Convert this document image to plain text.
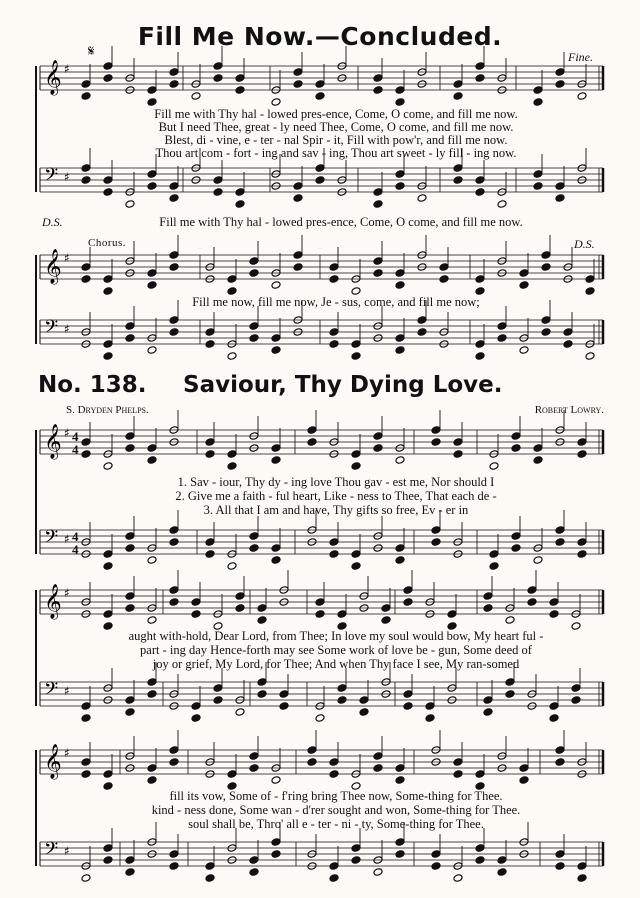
Fill Me Now.—Concluded.
𝄋	Fine.
𝄞 ♯
𝄢 ♯
𝄞 ♯
𝄢 ♯
𝄞 ♯
𝄢 ♯
𝄞 ♯
𝄢 ♯
𝄞 ♯
𝄢 ♯
Fill me with Thy hal - lowed pres-ence, Come, O come, and fill me now.
But I need Thee, great - ly need Thee, Come, O come, and fill me now.
Blest, di - vine, e - ter - nal Spir - it, Fill with pow'r, and fill me now.
Thou art com - fort - ing and sav - ing, Thou art sweet - ly fill - ing now.
D.S.	Fill me with Thy hal - lowed pres-ence, Come, O come, and fill me now.
Chorus.	D.S.
Fill me now, fill me now, Je - sus, come, and fill me now;
No. 138. Saviour, Thy Dying Love.
S. Dryden Phelps.	Robert Lowry.
4
4
4
4
1. Sav - iour, Thy dy - ing love Thou gav - est me, Nor should I
2. Give me a faith - ful heart, Like - ness to Thee, That each de -
3. All that I am and have, Thy gifts so free, Ev - er in
aught with-hold, Dear Lord, from Thee; In love my soul would bow, My heart ful -
part - ing day Hence-forth may see Some work of love be - gun, Some deed of
joy or grief, My Lord, for Thee; And when Thy face I see, My ran-somed
fill its vow, Some of - f'ring bring Thee now, Some-thing for Thee.
kind - ness done, Some wan - d'rer sought and won, Some-thing for Thee.
soul shall be, Thro' all e - ter - ni - ty, Some-thing for Thee.
